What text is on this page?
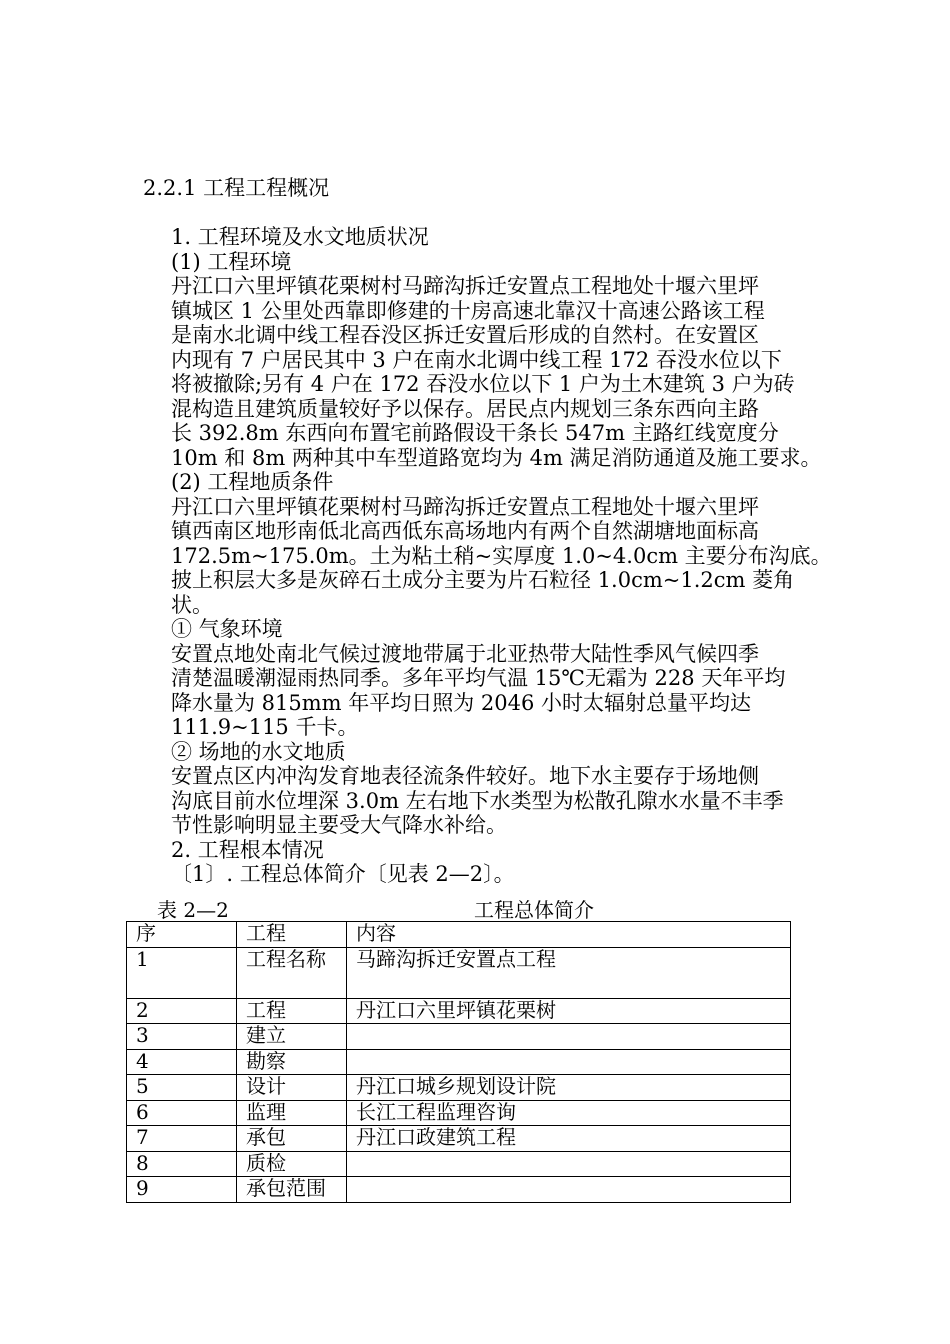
2.2.1 工程工程概况
1. 工程环境及水文地质状况
(1) 工程环境
丹江口六里坪镇花栗树村马蹄沟拆迁安置点工程地处十堰六里坪
镇城区 1 公里处西靠即修建的十房高速北靠汉十高速公路该工程
是南水北调中线工程吞没区拆迁安置后形成的自然村。在安置区
内现有 7 户居民其中 3 户在南水北调中线工程 172 吞没水位以下
将被撤除;另有 4 户在 172 吞没水位以下 1 户为土木建筑 3 户为砖
混构造且建筑质量较好予以保存。居民点内规划三条东西向主路
长 392.8m 东西向布置宅前路假设干条长 547m 主路红线宽度分
10m 和 8m 两种其中车型道路宽均为 4m 满足消防通道及施工要求。
(2) 工程地质条件
丹江口六里坪镇花栗树村马蹄沟拆迁安置点工程地处十堰六里坪
镇西南区地形南低北高西低东高场地内有两个自然湖塘地面标高
172.5m~175.0m。土为粘土稍~实厚度 1.0~4.0cm 主要分布沟底。
披上积层大多是灰碎石土成分主要为片石粒径 1.0cm~1.2cm 菱角
状。
① 气象环境
安置点地处南北气候过渡地带属于北亚热带大陆性季风气候四季
清楚温暖潮湿雨热同季。多年平均气温 15℃无霜为 228 天年平均
降水量为 815mm 年平均日照为 2046 小时太辐射总量平均达
111.9~115 千卡。
② 场地的水文地质
安置点区内冲沟发育地表径流条件较好。地下水主要存于场地侧
沟底目前水位埋深 3.0m 左右地下水类型为松散孔隙水水量不丰季
节性影响明显主要受大气降水补给。
2. 工程根本情况
〔1〕. 工程总体简介〔见表 2—2〕。
表 2—2	工程总体简介
序	工程	内容
1	工程名称	马蹄沟拆迁安置点工程
2	工程	丹江口六里坪镇花栗树
3	建立	
4	勘察	
5	设计	丹江口城乡规划设计院
6	监理	长江工程监理咨询
7	承包	丹江口政建筑工程
8	质检	
9	承包范围	
